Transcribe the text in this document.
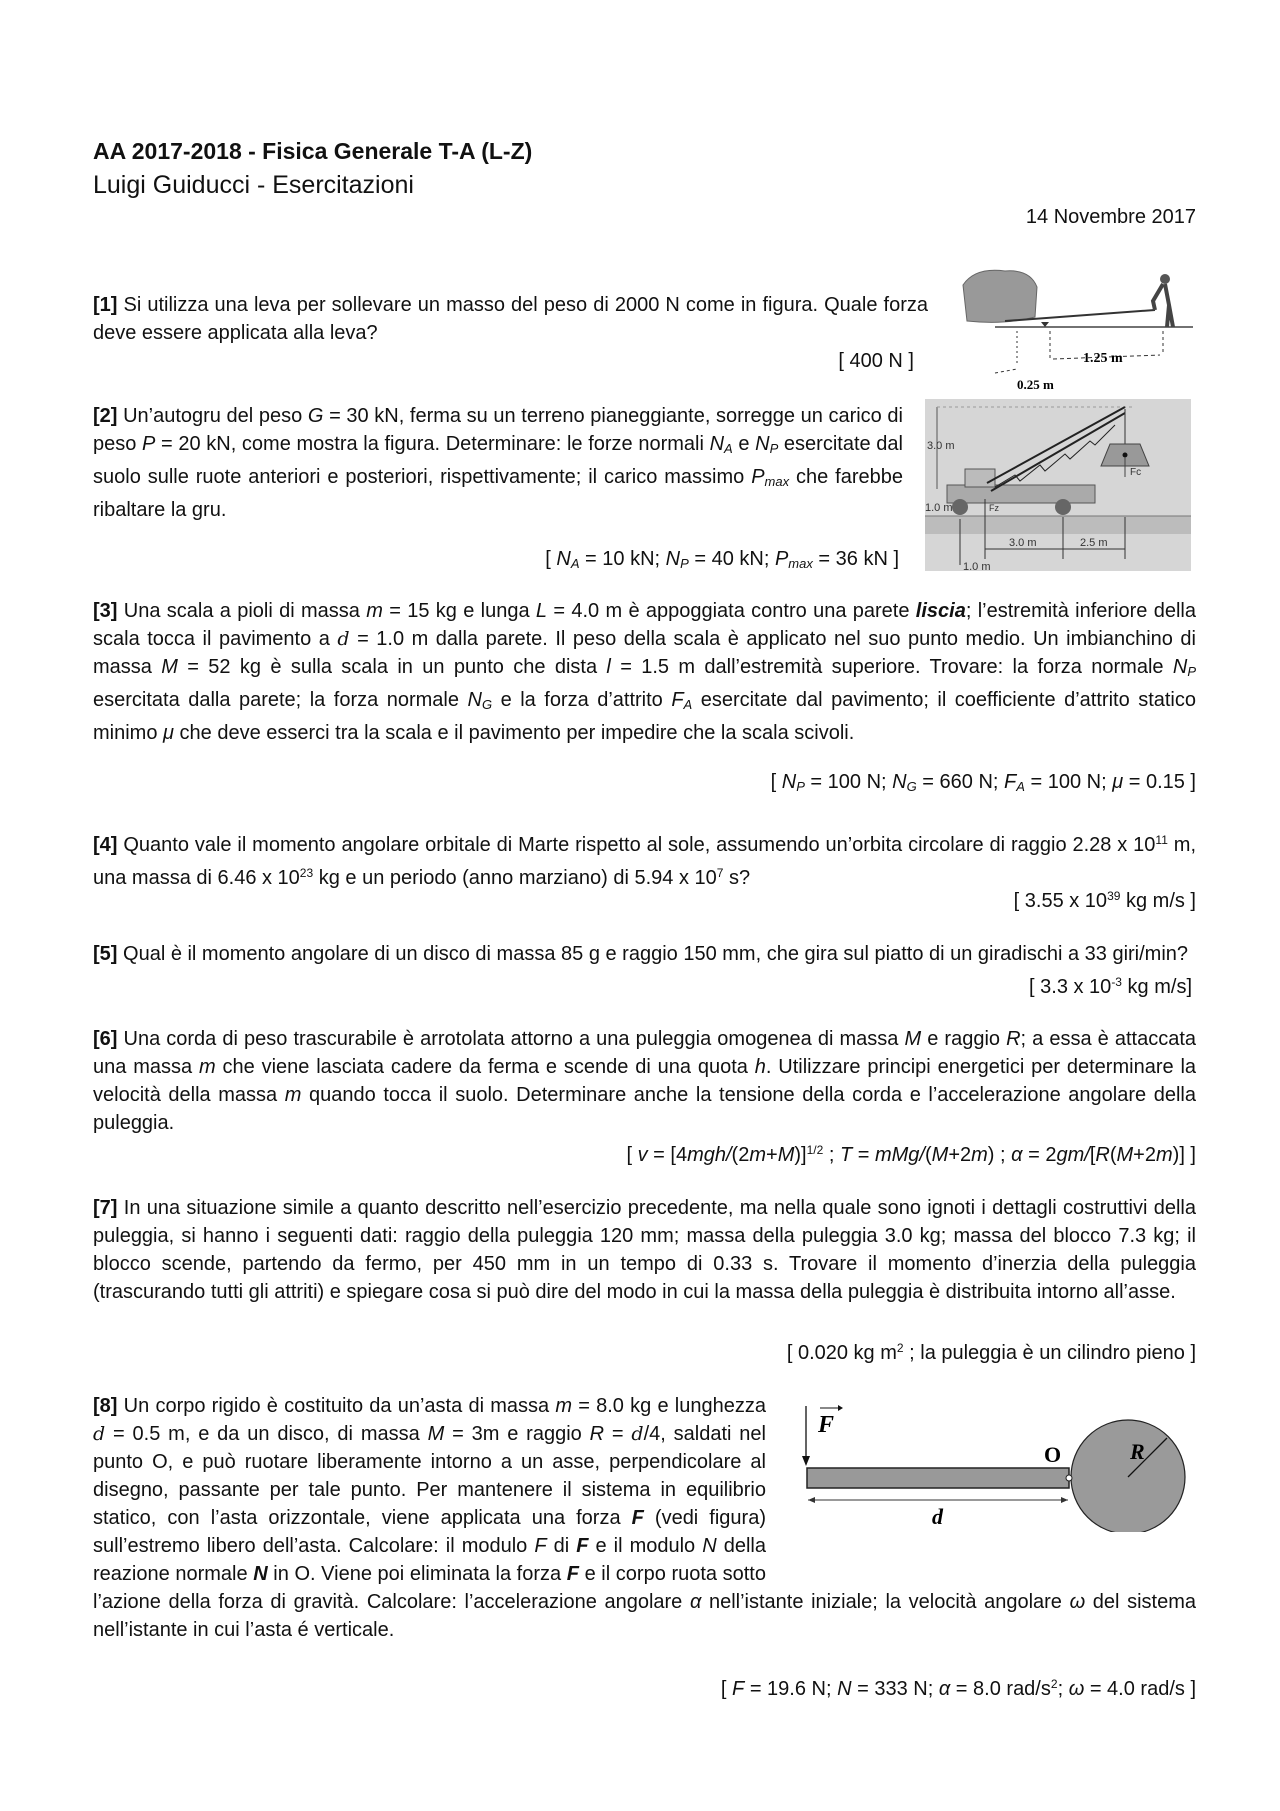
AA 2017-2018 - Fisica Generale T-A (L-Z)
Luigi Guiducci - Esercitazioni
14 Novembre 2017

[1] Si utilizza una leva per sollevare un masso del peso di 2000 N come in figura. Quale forza deve essere applicata alla leva?

[ 400 N ]	1.25 m
0.25 m

[2] Un’autogru del peso G = 30 kN, ferma su un terreno pianeggiante, sorregge un carico di peso P = 20 kN, come mostra la figura. Determinare: le forze normali $N_A$ e $N_P$ esercitate dal suolo sulle ruote anteriori e posteriori, rispettivamente; il carico massimo $P_{max}$ che farebbe ribaltare la gru.

[ $N_A = 10$ kN; $N_P = 40$ kN; $P_{max} = 36$ kN ]
3.0 m
1.0 m
1.0 m
3.0 m	2.5 m
Fc
Fz

[3] Una scala a pioli di massa m = 15 kg e lunga L = 4.0 m è appoggiata contro una parete liscia; l’estremità inferiore della scala tocca il pavimento a d = 1.0 m dalla parete. Il peso della scala è applicato nel suo punto medio. Un imbianchino di massa M = 52 kg è sulla scala in un punto che dista l = 1.5 m dall’estremità superiore. Trovare: la forza normale $N_P$ esercitata dalla parete; la forza normale $N_G$ e la forza d’attrito $F_A$ esercitate dal pavimento; il coefficiente d’attrito statico minimo μ che deve esserci tra la scala e il pavimento per impedire che la scala scivoli.

[ $N_P = 100$ N; $N_G = 660$ N; $F_A = 100$ N; μ = 0.15 ]

[4] Quanto vale il momento angolare orbitale di Marte rispetto al sole, assumendo un’orbita circolare di raggio 2.28 x $10^{11}$ m, una massa di 6.46 x $10^{23}$ kg e un periodo (anno marziano) di 5.94 x $10^7$ s?

[ 3.55 x $10^{39}$ kg m/s ]

[5] Qual è il momento angolare di un disco di massa 85 g e raggio 150 mm, che gira sul piatto di un giradischi a 33 giri/min?

[ 3.3 x $10^{-3}$ kg m/s]

[6] Una corda di peso trascurabile è arrotolata attorno a una puleggia omogenea di massa M e raggio R; a essa è attaccata una massa m che viene lasciata cadere da ferma e scende di una quota h. Utilizzare principi energetici per determinare la velocità della massa m quando tocca il suolo. Determinare anche la tensione della corda e l’accelerazione angolare della puleggia.

[ $v = [4mgh/(2m+M)]^{1/2}$ ; T = mMg/(M+2m) ; α = 2gm/[R(M+2m)] ]

[7] In una situazione simile a quanto descritto nell’esercizio precedente, ma nella quale sono ignoti i dettagli costruttivi della puleggia, si hanno i seguenti dati: raggio della puleggia 120 mm; massa della puleggia 3.0 kg; massa del blocco 7.3 kg; il blocco scende, partendo da fermo, per 450 mm in un tempo di 0.33 s. Trovare il momento d’inerzia della puleggia (trascurando tutti gli attriti) e spiegare cosa si può dire del modo in cui la massa della puleggia è distribuita intorno all’asse.

[ 0.020 kg $m^2$ ; la puleggia è un cilindro pieno ]
F
O	R
d
[8] Un corpo rigido è costituito da un’asta di massa m = 8.0 kg e lunghezza d = 0.5 m, e da un disco, di massa M = 3m e raggio R = d/4, saldati nel punto O, e può ruotare liberamente intorno a un asse, perpendicolare al disegno, passante per tale punto. Per mantenere il sistema in equilibrio statico, con l’asta orizzontale, viene applicata una forza F (vedi figura) sull’estremo libero dell’asta. Calcolare: il modulo F di F e il modulo N della reazione normale N in O. Viene poi eliminata la forza F e il corpo ruota sotto l’azione della forza di gravità. Calcolare: l’accelerazione angolare α nell’istante iniziale; la velocità angolare ω del sistema nell’istante in cui l’asta é verticale.
[ F = 19.6 N; N = 333 N; α = 8.0 rad/$s^2$; ω = 4.0 rad/s ]
